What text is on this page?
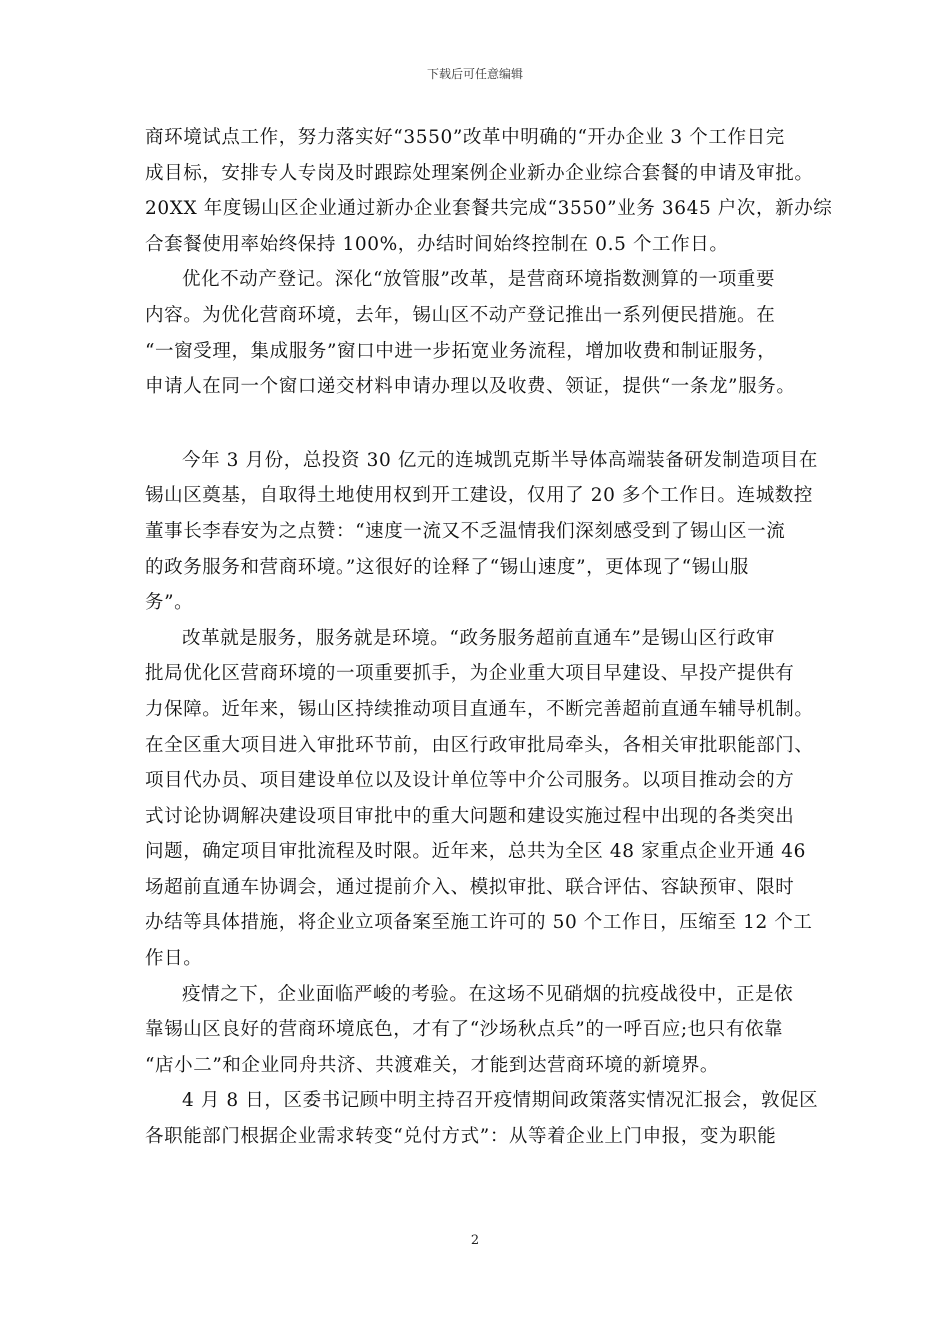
下载后可任意编辑
商环境试点工作，努力落实好“3550”改革中明确的“开办企业 3 个工作日完
成目标，安排专人专岗及时跟踪处理案例企业新办企业综合套餐的申请及审批。
20XX 年度锡山区企业通过新办企业套餐共完成“3550”业务 3645 户次，新办综
合套餐使用率始终保持 100%，办结时间始终控制在 0.5 个工作日。
优化不动产登记。深化“放管服”改革，是营商环境指数测算的一项重要
内容。为优化营商环境，去年，锡山区不动产登记推出一系列便民措施。在
“一窗受理，集成服务”窗口中进一步拓宽业务流程，增加收费和制证服务，
申请人在同一个窗口递交材料申请办理以及收费、领证，提供“一条龙”服务。
今年 3 月份，总投资 30 亿元的连城凯克斯半导体高端装备研发制造项目在
锡山区奠基，自取得土地使用权到开工建设，仅用了 20 多个工作日。连城数控
董事长李春安为之点赞：“速度一流又不乏温情我们深刻感受到了锡山区一流
的政务服务和营商环境。”这很好的诠释了“锡山速度”，更体现了“锡山服
务”。
改革就是服务，服务就是环境。“政务服务超前直通车”是锡山区行政审
批局优化区营商环境的一项重要抓手，为企业重大项目早建设、早投产提供有
力保障。近年来，锡山区持续推动项目直通车，不断完善超前直通车辅导机制。
在全区重大项目进入审批环节前，由区行政审批局牵头，各相关审批职能部门、
项目代办员、项目建设单位以及设计单位等中介公司服务。以项目推动会的方
式讨论协调解决建设项目审批中的重大问题和建设实施过程中出现的各类突出
问题，确定项目审批流程及时限。近年来，总共为全区 48 家重点企业开通 46
场超前直通车协调会，通过提前介入、模拟审批、联合评估、容缺预审、限时
办结等具体措施，将企业立项备案至施工许可的 50 个工作日，压缩至 12 个工
作日。
疫情之下，企业面临严峻的考验。在这场不见硝烟的抗疫战役中，正是依
靠锡山区良好的营商环境底色，才有了“沙场秋点兵”的一呼百应;也只有依靠
“店小二”和企业同舟共济、共渡难关，才能到达营商环境的新境界。
4 月 8 日，区委书记顾中明主持召开疫情期间政策落实情况汇报会，敦促区
各职能部门根据企业需求转变“兑付方式”：从等着企业上门申报，变为职能
2
